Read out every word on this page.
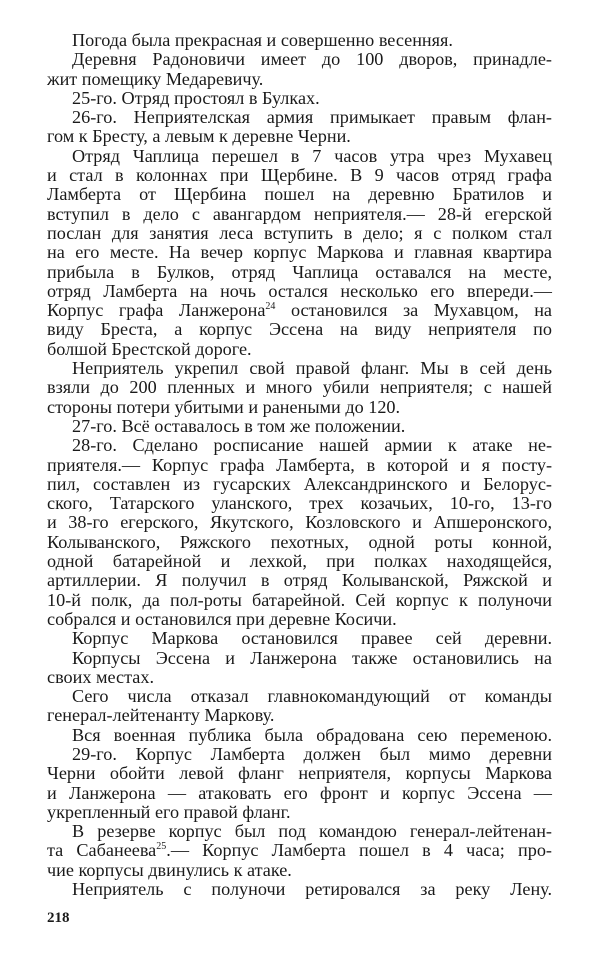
Погода была прекрасная и совершенно весенняя.
Деревня Радоновичи имеет до 100 дворов, принадле-
жит помещику Медаревичу.
25-го. Отряд простоял в Булках.
26-го. Неприятелская армия примыкает правым флан-
гом к Бресту, а левым к деревне Черни.
Отряд Чаплица перешел в 7 часов утра чрез Мухавец
и стал в колоннах при Щербине. В 9 часов отряд графа
Ламберта от Щербина пошел на деревню Братилов и
вступил в дело с авангардом неприятеля.— 28-й егерской
послан для занятия леса вступить в дело; я с полком стал
на его месте. На вечер корпус Маркова и главная квартира
прибыла в Булков, отряд Чаплица оставался на месте,
отряд Ламберта на ночь остался несколько его впереди.—
Корпус графа Ланжерона$^{24}$ остановился за Мухавцом, на
виду Бреста, а корпус Эссена на виду неприятеля по
болшой Брестской дороге.
Неприятель укрепил свой правой фланг. Мы в сей день
взяли до 200 пленных и много убили неприятеля; с нашей
стороны потери убитыми и ранеными до 120.
27-го. Всё оставалось в том же положении.
28-го. Сделано росписание нашей армии к атаке не-
приятеля.— Корпус графа Ламберта, в которой и я посту-
пил, составлен из гусарских Александринского и Белорус-
ского, Татарского уланского, трех козачьих, 10-го, 13-го
и 38-го егерского, Якутского, Козловского и Апшеронского,
Колыванского, Ряжского пехотных, одной роты конной,
одной батарейной и лехкой, при полках находящейся,
артиллерии. Я получил в отряд Колыванской, Ряжской и
10-й полк, да пол-роты батарейной. Сей корпус к полуночи
собрался и остановился при деревне Косичи.
Корпус Маркова остановился правее сей деревни.
Корпусы Эссена и Ланжерона также остановились на
своих местах.
Сего числа отказал главнокомандующий от команды
генерал-лейтенанту Маркову.
Вся военная публика была обрадована сею переменою.
29-го. Корпус Ламберта должен был мимо деревни
Черни обойти левой фланг неприятеля, корпусы Маркова
и Ланжерона — атаковать его фронт и корпус Эссена —
укрепленный его правой фланг.
В резерве корпус был под командою генерал-лейтенан-
та Сабанеева$^{25}$.— Корпус Ламберта пошел в 4 часа; про-
чие корпусы двинулись к атаке.
Неприятель с полуночи ретировался за реку Лену.
218
